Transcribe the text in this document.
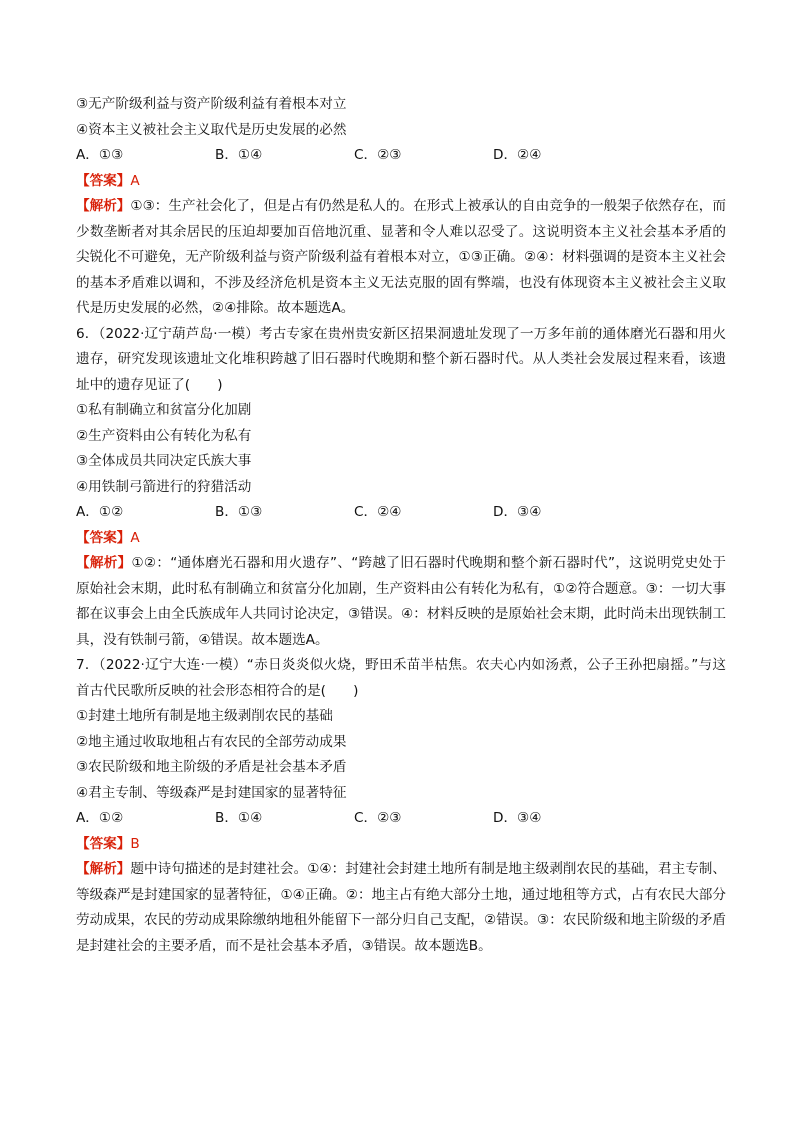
③无产阶级利益与资产阶级利益有着根本对立
④资本主义被社会主义取代是历史发展的必然
A．①③	B．①④	C．②③	D．②④
【答案】A
【解析】①③：生产社会化了，但是占有仍然是私人的。在形式上被承认的自由竞争的一般架子依然存在，而少数垄断者对其余居民的压迫却要加百倍地沉重、显著和令人难以忍受了。这说明资本主义社会基本矛盾的尖锐化不可避免，无产阶级利益与资产阶级利益有着根本对立，①③正确。②④：材料强调的是资本主义社会的基本矛盾难以调和，不涉及经济危机是资本主义无法克服的固有弊端，也没有体现资本主义被社会主义取代是历史发展的必然，②④排除。故本题选A。
6．（2022·辽宁葫芦岛·一模）考古专家在贵州贵安新区招果洞遗址发现了一万多年前的通体磨光石器和用火遗存，研究发现该遗址文化堆积跨越了旧石器时代晚期和整个新石器时代。从人类社会发展过程来看，该遗址中的遗存见证了(　　)
①私有制确立和贫富分化加剧
②生产资料由公有转化为私有
③全体成员共同决定氏族大事
④用铁制弓箭进行的狩猎活动
A．①②	B．①③	C．②④	D．③④
【答案】A
【解析】①②：“通体磨光石器和用火遗存”、“跨越了旧石器时代晚期和整个新石器时代”，这说明党史处于原始社会末期，此时私有制确立和贫富分化加剧，生产资料由公有转化为私有，①②符合题意。③：一切大事都在议事会上由全氏族成年人共同讨论决定，③错误。④：材料反映的是原始社会末期，此时尚未出现铁制工具，没有铁制弓箭，④错误。故本题选A。
7．（2022·辽宁大连·一模）“赤日炎炎似火烧，野田禾苗半枯焦。农夫心内如汤煮，公子王孙把扇摇。”与这首古代民歌所反映的社会形态相符合的是(　　)
①封建土地所有制是地主级剥削农民的基础
②地主通过收取地租占有农民的全部劳动成果
③农民阶级和地主阶级的矛盾是社会基本矛盾
④君主专制、等级森严是封建国家的显著特征
A．①②	B．①④	C．②③	D．③④
【答案】B
【解析】题中诗句描述的是封建社会。①④：封建社会封建土地所有制是地主级剥削农民的基础，君主专制、等级森严是封建国家的显著特征，①④正确。②：地主占有绝大部分土地，通过地租等方式，占有农民大部分劳动成果，农民的劳动成果除缴纳地租外能留下一部分归自己支配，②错误。③：农民阶级和地主阶级的矛盾是封建社会的主要矛盾，而不是社会基本矛盾，③错误。故本题选B。
